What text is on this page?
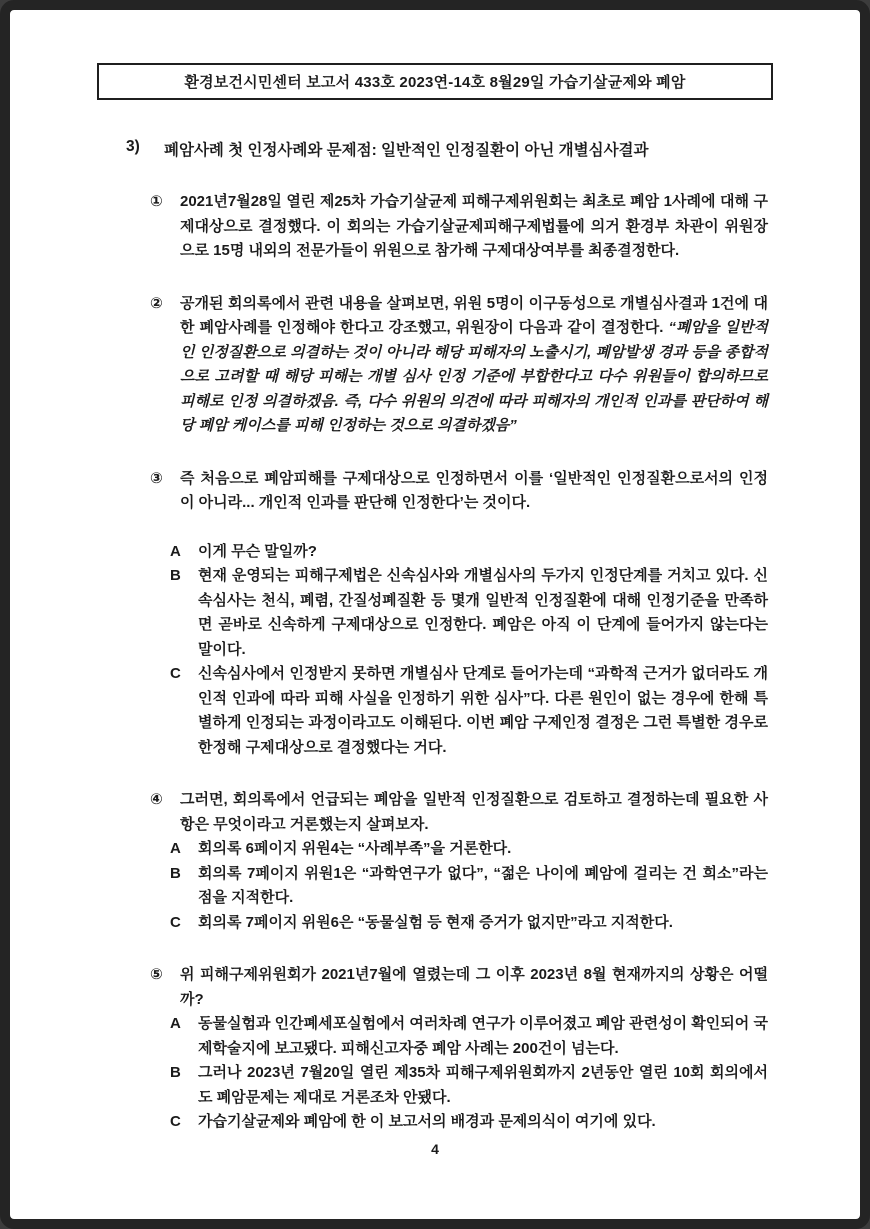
환경보건시민센터 보고서 433호 2023연-14호 8월29일 가습기살균제와 폐암
3)	폐암사례 첫 인정사례와 문제점: 일반적인 인정질환이 아닌 개별심사결과
①	2021년7월28일 열린 제25차 가습기살균제 피해구제위원회는 최초로 폐암 1사례에 대해 구제대상으로 결정했다. 이 회의는 가습기살균제피해구제법률에 의거 환경부 차관이 위원장으로 15명 내외의 전문가들이 위원으로 참가해 구제대상여부를 최종결정한다.
②	공개된 회의록에서 관련 내용을 살펴보면, 위원 5명이 이구동성으로 개별심사결과 1건에 대한 폐암사례를 인정해야 한다고 강조했고, 위원장이 다음과 같이 결정한다. “폐암을 일반적인 인정질환으로 의결하는 것이 아니라 해당 피해자의 노출시기, 폐암발생 경과 등을 종합적으로 고려할 때 해당 피해는 개별 심사 인정 기준에 부합한다고 다수 위원들이 합의하므로 피해로 인정 의결하겠음. 즉, 다수 위원의 의견에 따라 피해자의 개인적 인과를 판단하여 해당 폐암 케이스를 피해 인정하는 것으로 의결하겠음”
③	즉 처음으로 폐암피해를 구제대상으로 인정하면서 이를 ‘일반적인 인정질환으로서의 인정이 아니라... 개인적 인과를 판단해 인정한다’는 것이다.
A	이게 무슨 말일까?
B	현재 운영되는 피해구제법은 신속심사와 개별심사의 두가지 인정단계를 거치고 있다. 신속심사는 천식, 폐렴, 간질성폐질환 등 몇개 일반적 인정질환에 대해 인정기준을 만족하면 곧바로 신속하게 구제대상으로 인정한다. 폐암은 아직 이 단계에 들어가지 않는다는 말이다.
C	신속심사에서 인정받지 못하면 개별심사 단계로 들어가는데 “과학적 근거가 없더라도 개인적 인과에 따라 피해 사실을 인정하기 위한 심사”다. 다른 원인이 없는 경우에 한해 특별하게 인정되는 과정이라고도 이해된다. 이번 폐암 구제인정 결정은 그런 특별한 경우로 한정해 구제대상으로 결정했다는 거다.
④	그러면, 회의록에서 언급되는 폐암을 일반적 인정질환으로 검토하고 결정하는데 필요한 사항은 무엇이라고 거론했는지 살펴보자.
A	회의록 6페이지 위원4는 “사례부족”을 거론한다.
B	회의록 7페이지 위원1은 “과학연구가 없다”, “젊은 나이에 폐암에 걸리는 건 희소”라는 점을 지적한다.
C	회의록 7페이지 위원6은 “동물실험 등 현재 증거가 없지만”라고 지적한다.
⑤	위 피해구제위원회가 2021년7월에 열렸는데 그 이후 2023년 8월 현재까지의 상황은 어떨까?
A	동물실험과 인간폐세포실험에서 여러차례 연구가 이루어졌고 폐암 관련성이 확인되어 국제학술지에 보고됐다. 피해신고자중 폐암 사례는 200건이 넘는다.
B	그러나 2023년 7월20일 열린 제35차 피해구제위원회까지 2년동안 열린 10회 회의에서도 폐암문제는 제대로 거론조차 안됐다.
C	가습기살균제와 폐암에 한 이 보고서의 배경과 문제의식이 여기에 있다.
4
